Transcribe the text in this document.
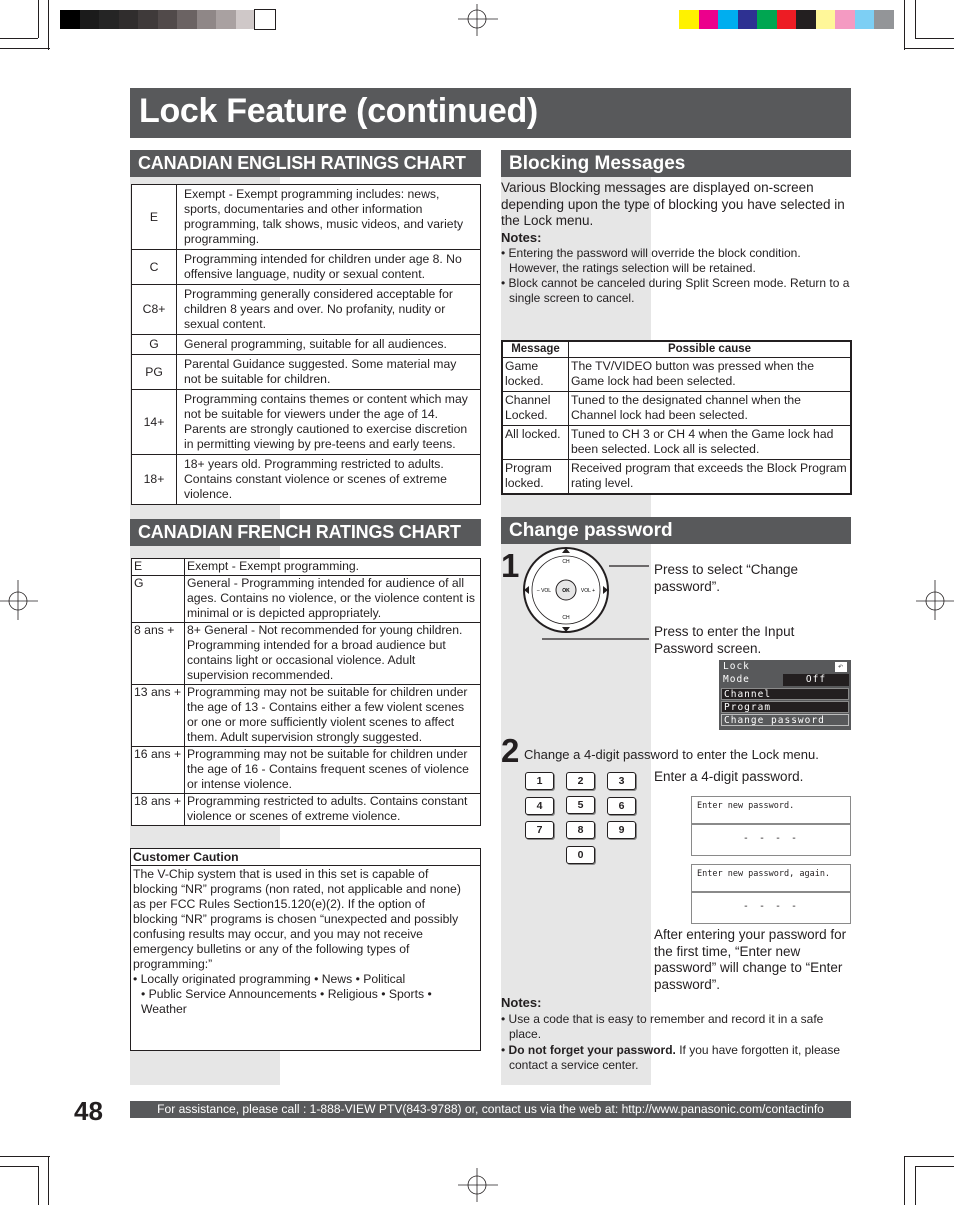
Lock Feature (continued)
CANADIAN ENGLISH RATINGS CHART
E	Exempt - Exempt programming includes: news, sports, documentaries and other information programming, talk shows, music videos, and variety programming.
C	Programming intended for children under age 8. No offensive language, nudity or sexual content.
C8+	Programming generally considered acceptable for children 8 years and over. No profanity, nudity or sexual content.
G	General programming, suitable for all audiences.
PG	Parental Guidance suggested. Some material may not be suitable for children.
14+	Programming contains themes or content which may not be suitable for viewers under the age of 14. Parents are strongly cautioned to exercise discretion in permitting viewing by pre-teens and early teens.
18+	18+ years old. Programming restricted to adults. Contains constant violence or scenes of extreme violence.
CANADIAN FRENCH RATINGS CHART
E	Exempt - Exempt programming.
G	General - Programming intended for audience of all ages. Contains no violence, or the violence content is minimal or is depicted appropriately.
8 ans +	8+ General - Not recommended for young children. Programming intended for a broad audience but contains light or occasional violence. Adult supervision recommended.
13 ans +	Programming may not be suitable for children under the age of 13 - Contains either a few violent scenes or one or more sufficiently violent scenes to affect them. Adult supervision strongly suggested.
16 ans +	Programming may not be suitable for children under the age of 16 - Contains frequent scenes of violence or intense violence.
18 ans +	Programming restricted to adults. Contains constant violence or scenes of extreme violence.
Customer Caution
The V-Chip system that is used in this set is capable of blocking “NR” programs (non rated, not applicable and none) as per FCC Rules Section15.120(e)(2). If the option of blocking “NR” programs is chosen “unexpected and possibly confusing results may occur, and you may not receive emergency bulletins or any of the following types of programming:”
• Locally originated programming • News • Political
• Public Service Announcements • Religious • Sports • Weather
Blocking Messages
Various Blocking messages are displayed on-screen depending upon the type of blocking you have selected in the Lock menu.
Notes:
• Entering the password will override the block condition. However, the ratings selection will be retained.
• Block cannot be canceled during Split Screen mode. Return to a single screen to cancel.
Message	Possible cause
Game locked.	The TV/VIDEO button was pressed when the Game lock had been selected.
Channel Locked.	Tuned to the designated channel when the Channel lock had been selected.
All locked.	Tuned to CH 3 or CH 4 when the Game lock had been selected. Lock all is selected.
Program locked.	Received program that exceeds the Block Program rating level.
Change password
1	CH
CH
– VOL	VOL +
OK
Press to select “Change password”.
Press to enter the Input Password screen.
Lock	↶
Mode	Off
Channel
Program
Change password
2 Change a 4-digit password to enter the Lock menu.
Enter a 4-digit password.
1	2	3
4	5	6
7	8	9
0
Enter new password.
- - - -
Enter new password, again.
- - - -
After entering your password for the first time, “Enter new password” will change to “Enter password”.
Notes:
• Use a code that is easy to remember and record it in a safe place.
• Do not forget your password. If you have forgotten it, please contact a service center.
48	For assistance, please call : 1-888-VIEW PTV(843-9788) or, contact us via the web at: http://www.panasonic.com/contactinfo
